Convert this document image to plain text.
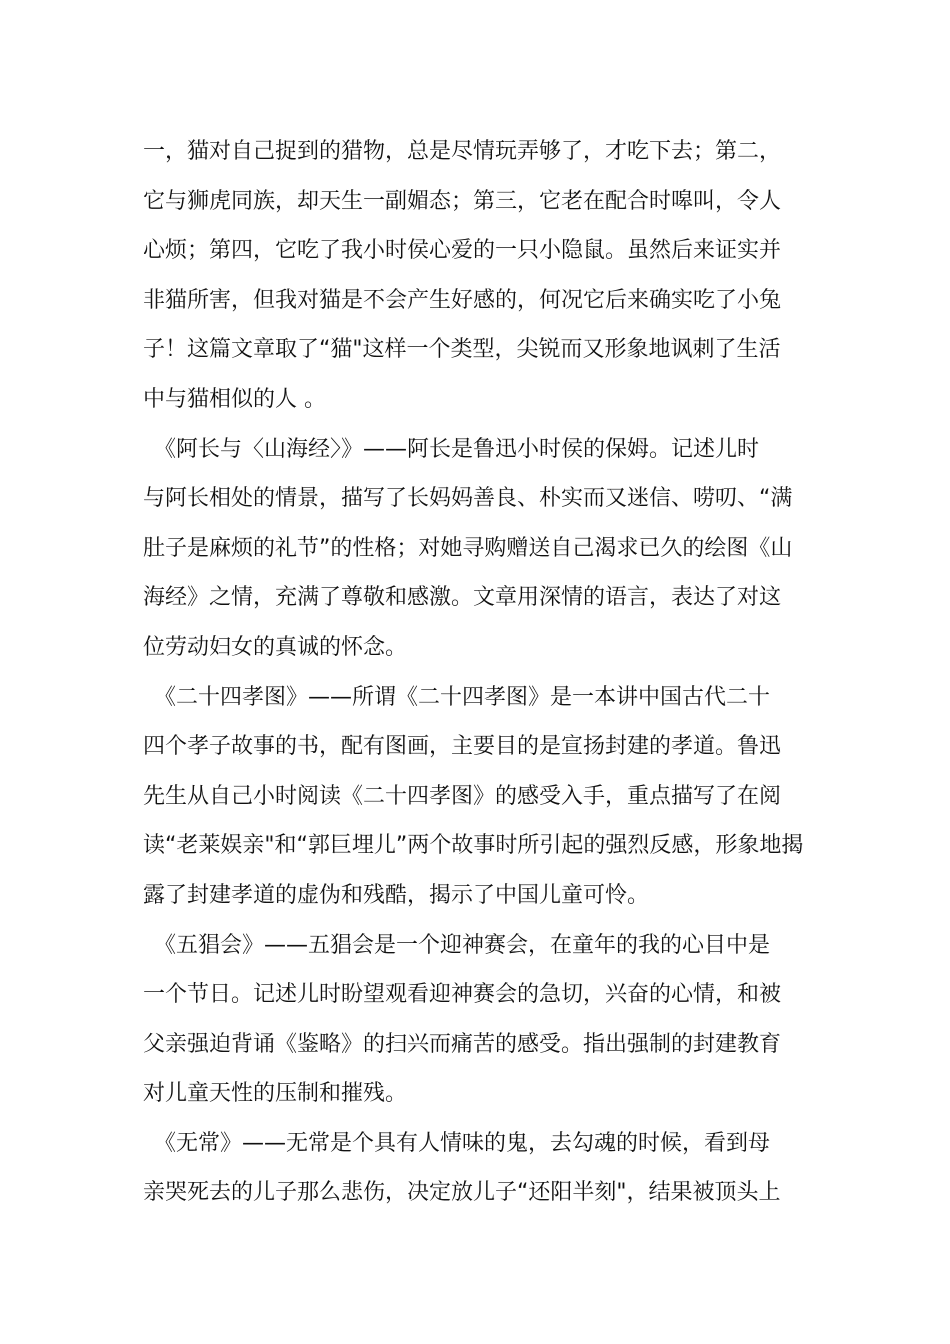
一，猫对自己捉到的猎物，总是尽情玩弄够了，才吃下去；第二，
它与狮虎同族，却天生一副媚态；第三，它老在配合时嗥叫，令人
心烦；第四，它吃了我小时侯心爱的一只小隐鼠。虽然后来证实并
非猫所害，但我对猫是不会产生好感的，何况它后来确实吃了小兔
子！这篇文章取了“猫"这样一个类型，尖锐而又形象地讽刺了生活
中与猫相似的人 。
　《阿长与〈山海经〉》——阿长是鲁迅小时侯的保姆。记述儿时
与阿长相处的情景，描写了长妈妈善良、朴实而又迷信、唠叨、“满
肚子是麻烦的礼节”的性格；对她寻购赠送自己渴求已久的绘图《山
海经》之情，充满了尊敬和感激。文章用深情的语言，表达了对这
位劳动妇女的真诚的怀念。
　《二十四孝图》——所谓《二十四孝图》是一本讲中国古代二十
四个孝子故事的书，配有图画，主要目的是宣扬封建的孝道。鲁迅
先生从自己小时阅读《二十四孝图》的感受入手，重点描写了在阅
读“老莱娱亲"和“郭巨埋儿”两个故事时所引起的强烈反感，形象地揭
露了封建孝道的虚伪和残酷，揭示了中国儿童可怜。
　《五猖会》——五猖会是一个迎神赛会，在童年的我的心目中是
一个节日。记述儿时盼望观看迎神赛会的急切，兴奋的心情，和被
父亲强迫背诵《鉴略》的扫兴而痛苦的感受。指出强制的封建教育
对儿童天性的压制和摧残。
　《无常》——无常是个具有人情味的鬼，去勾魂的时候，看到母
亲哭死去的儿子那么悲伤，决定放儿子“还阳半刻"，结果被顶头上
